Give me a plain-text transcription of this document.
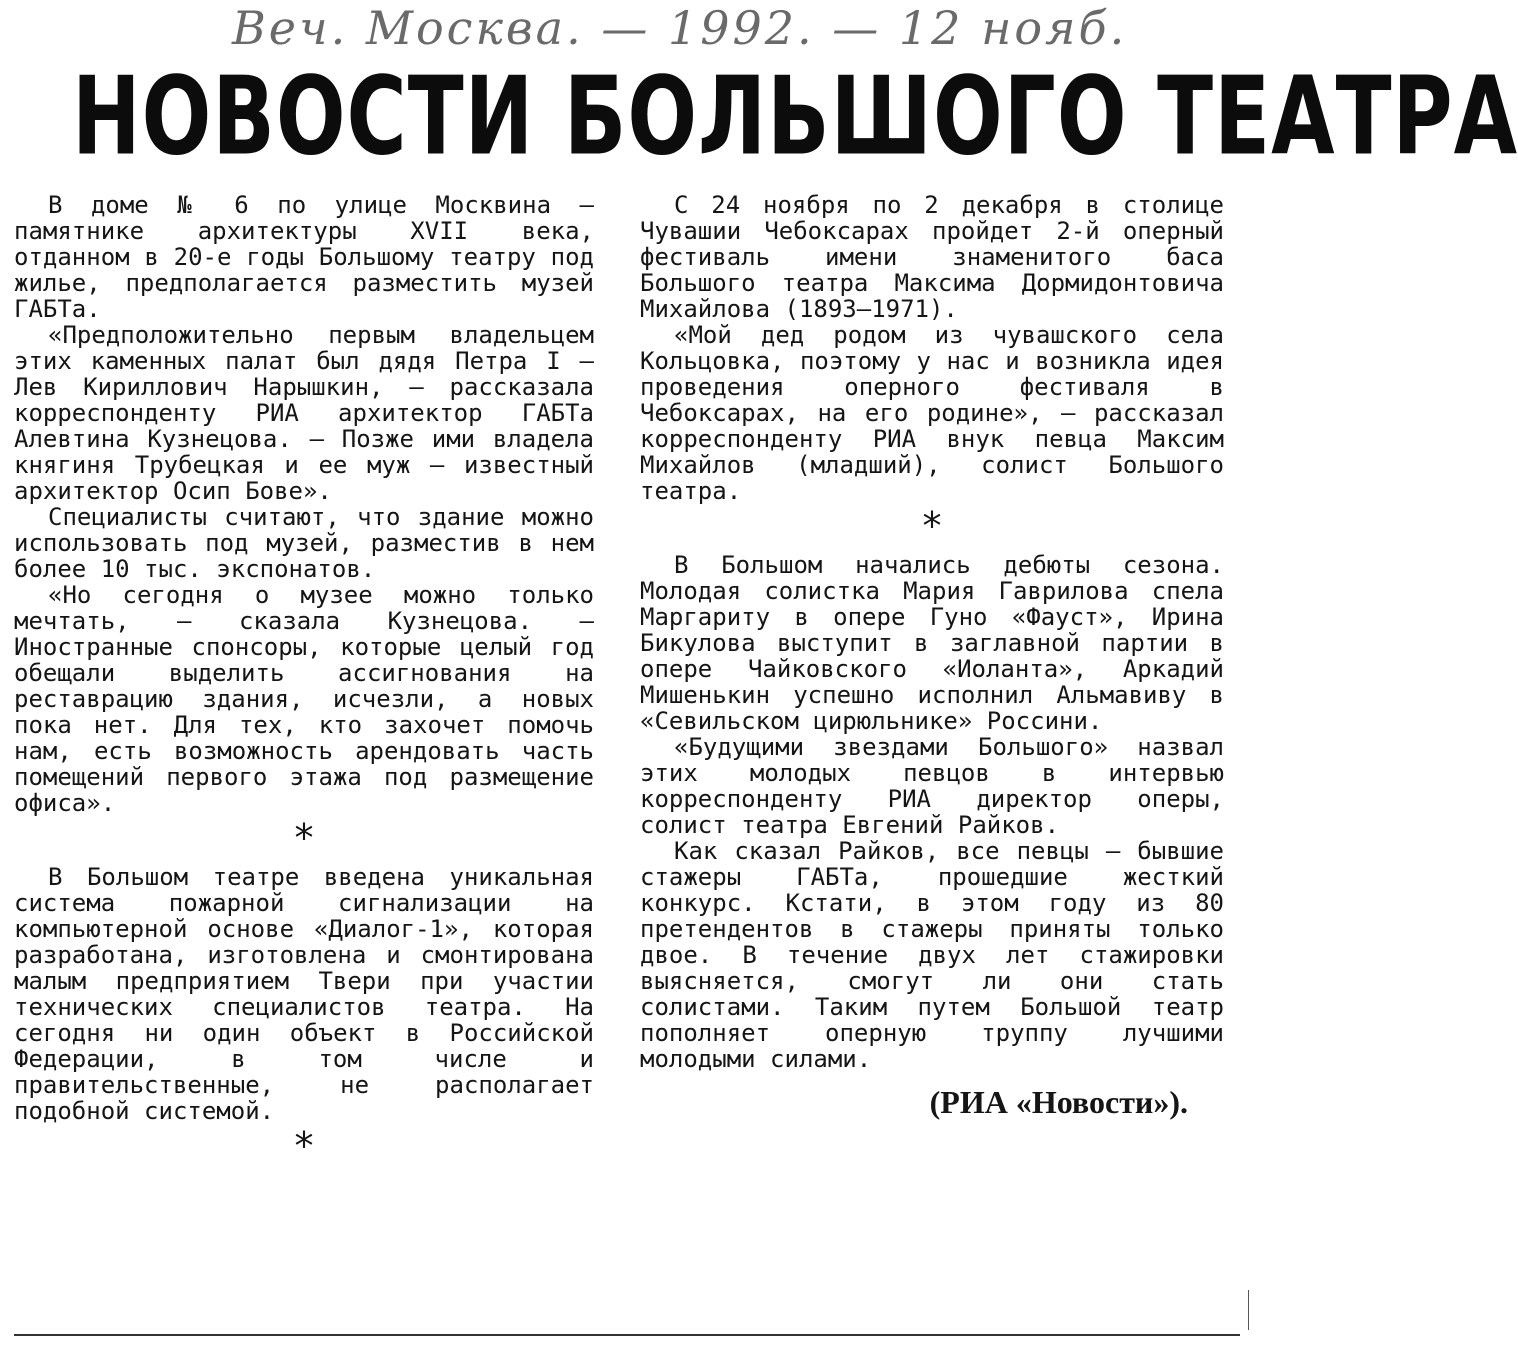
Веч. Москва. — 1992. — 12 нояб.
НОВОСТИ БОЛЬШОГО ТЕАТРА

В доме № 6 по улице Москвина — памятнике архитектуры XVII века, отданном в 20-е годы Большому театру под жилье, предполагается разместить музей ГАБТа.

«Предположительно первым владельцем этих каменных палат был дядя Петра I — Лев Кириллович Нарышкин, — рассказала корреспонденту РИА архитектор ГАБТа Алевтина Кузнецова. — Позже ими владела княгиня Трубецкая и ее муж — известный архитектор Осип Бове».

Специалисты считают, что здание можно использовать под музей, разместив в нем более 10 тыс. экспонатов.

«Но сегодня о музее можно только мечтать, — сказала Кузнецова. — Иностранные спонсоры, которые целый год обещали выделить ассигнования на реставрацию здания, исчезли, а новых пока нет. Для тех, кто захочет помочь нам, есть возможность арендовать часть помещений первого этажа под размещение офиса».

*

В Большом театре введена уникальная система пожарной сигнализации на компьютерной основе «Диалог-1», которая разработана, изготовлена и смонтирована малым предприятием Твери при участии технических специалистов театра. На сегодня ни один объект в Российской Федерации, в том числе и правительственные, не располагает подобной системой.

*

С 24 ноября по 2 декабря в столице Чувашии Чебоксарах пройдет 2-й оперный фестиваль имени знаменитого баса Большого театра Максима Дормидонтовича Михайлова (1893—1971).

«Мой дед родом из чувашского села Кольцовка, поэтому у нас и возникла идея проведения оперного фестиваля в Чебоксарах, на его родине», — рассказал корреспонденту РИА внук певца Максим Михайлов (младший), солист Большого театра.

*

В Большом начались дебюты сезона. Молодая солистка Мария Гаврилова спела Маргариту в опере Гуно «Фауст», Ирина Бикулова выступит в заглавной партии в опере Чайковского «Иоланта», Аркадий Мишенькин успешно исполнил Альмавиву в «Севильском цирюльнике» Россини.

«Будущими звездами Большого» назвал этих молодых певцов в интервью корреспонденту РИА директор оперы, солист театра Евгений Райков.

Как сказал Райков, все певцы — бывшие стажеры ГАБТа, прошедшие жесткий конкурс. Кстати, в этом году из 80 претендентов в стажеры приняты только двое. В течение двух лет стажировки выясняется, смогут ли они стать солистами. Таким путем Большой театр пополняет оперную труппу лучшими молодыми силами.

(РИА «Новости»).
